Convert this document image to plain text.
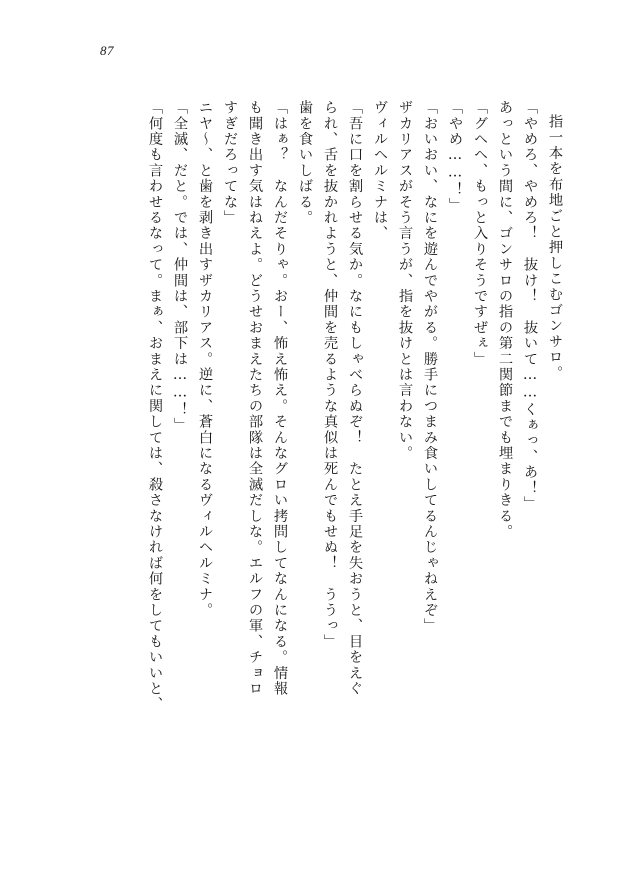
87
指一本を布地ごと押しこむゴンサロ。
「やめろ、やめろ！　抜け！　抜いて……くぁっ、あ！」
あっという間に、ゴンサロの指の第二関節までも埋まりきる。
「グヘヘ、もっと入りそうですぜぇ」
「やめ……！」
「おいおい、なにを遊んでやがる。勝手につまみ食いしてるんじゃねえぞ」
ザカリアスがそう言うが、指を抜けとは言わない。
ヴィルヘルミナは、
「吾に口を割らせる気か。なにもしゃべらぬぞ！　たとえ手足を失おうと、目をえぐ
られ、舌を抜かれようと、仲間を売るような真似は死んでもせぬ！　ううっ」
歯を食いしばる。
「はぁ？　なんだそりゃ。おー、怖え怖え。そんなグロい拷問してなんになる。情報
も聞き出す気はねえよ。どうせおまえたちの部隊は全滅だしな。エルフの軍、チョロ
すぎだろってな」
ニヤ～、と歯を剥き出すザカリアス。逆に、蒼白になるヴィルヘルミナ。
「全滅、だと。では、仲間は、部下は……！」
「何度も言わせるなって。まぁ、おまえに関しては、殺さなければ何をしてもいいと、
